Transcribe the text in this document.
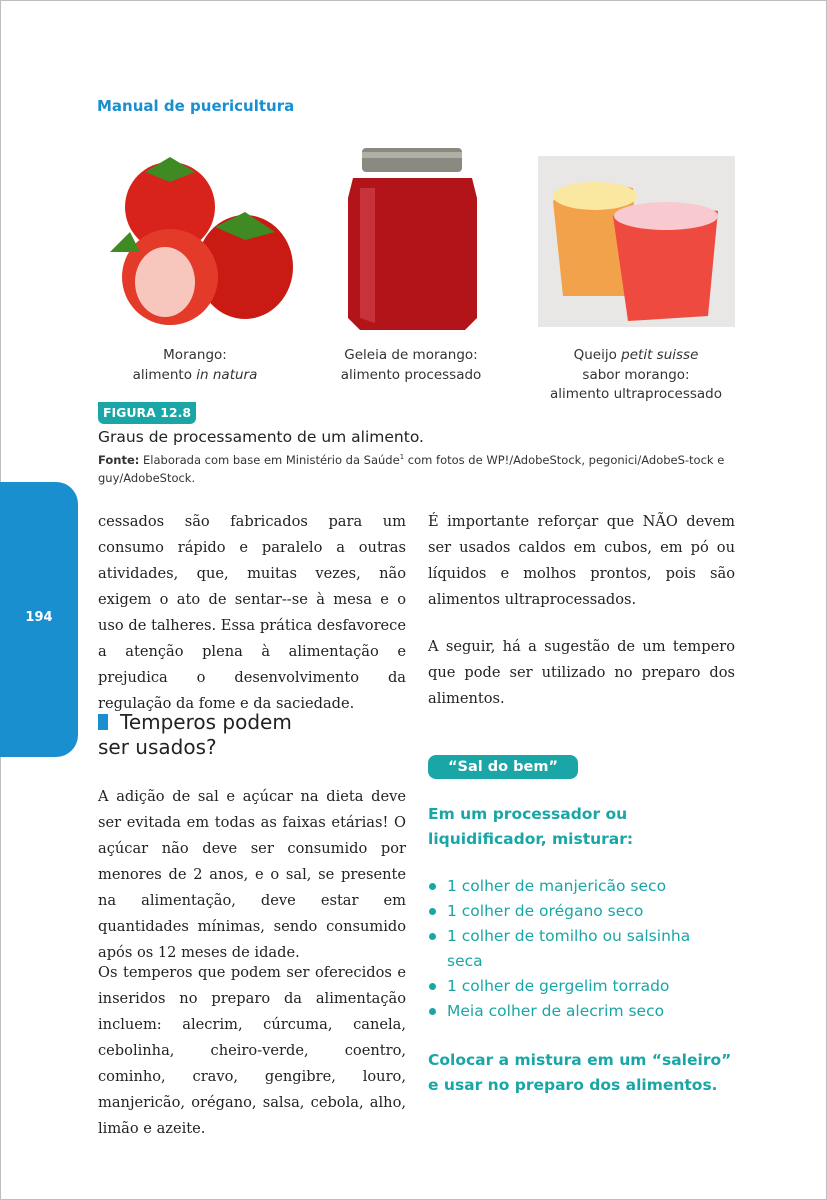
Manual de puericultura
Morango:
alimento in natura
Geleia de morango:
alimento processado
Queijo petit suisse
sabor morango:
alimento ultraprocessado
FIGURA 12.8
Graus de processamento de um alimento.
Fonte: Elaborada com base em Ministério da Saúde$^1$ com fotos de WP!/AdobeStock, pegonici/AdobeS-tock e guy/AdobeStock.
194
cessados são fabricados para um consumo rápido e paralelo a outras atividades, que, muitas vezes, não exigem o ato de sentar--se à mesa e o uso de talheres. Essa prática desfavorece a atenção plena à alimentação e prejudica o desenvolvimento da regulação da fome e da saciedade.
Temperos podem
ser usados?
A adição de sal e açúcar na dieta deve ser evitada em todas as faixas etárias! O açúcar não deve ser consumido por menores de 2 anos, e o sal, se presente na alimentação, deve estar em quantidades mínimas, sendo consumido após os 12 meses de idade.
Os temperos que podem ser oferecidos e inseridos no preparo da alimentação incluem: alecrim, cúrcuma, canela, cebolinha, cheiro-verde, coentro, cominho, cravo, gengibre, louro, manjericão, orégano, salsa, cebola, alho, limão e azeite.
É importante reforçar que NÃO devem ser usados caldos em cubos, em pó ou líquidos e molhos prontos, pois são alimentos ultraprocessados.
A seguir, há a sugestão de um tempero que pode ser utilizado no preparo dos alimentos.
“Sal do bem”
Em um processador ou liquidificador, misturar:
1 colher de manjericão seco
1 colher de orégano seco
1 colher de tomilho ou salsinha seca
1 colher de gergelim torrado
Meia colher de alecrim seco
Colocar a mistura em um “saleiro” e usar no preparo dos alimentos.
